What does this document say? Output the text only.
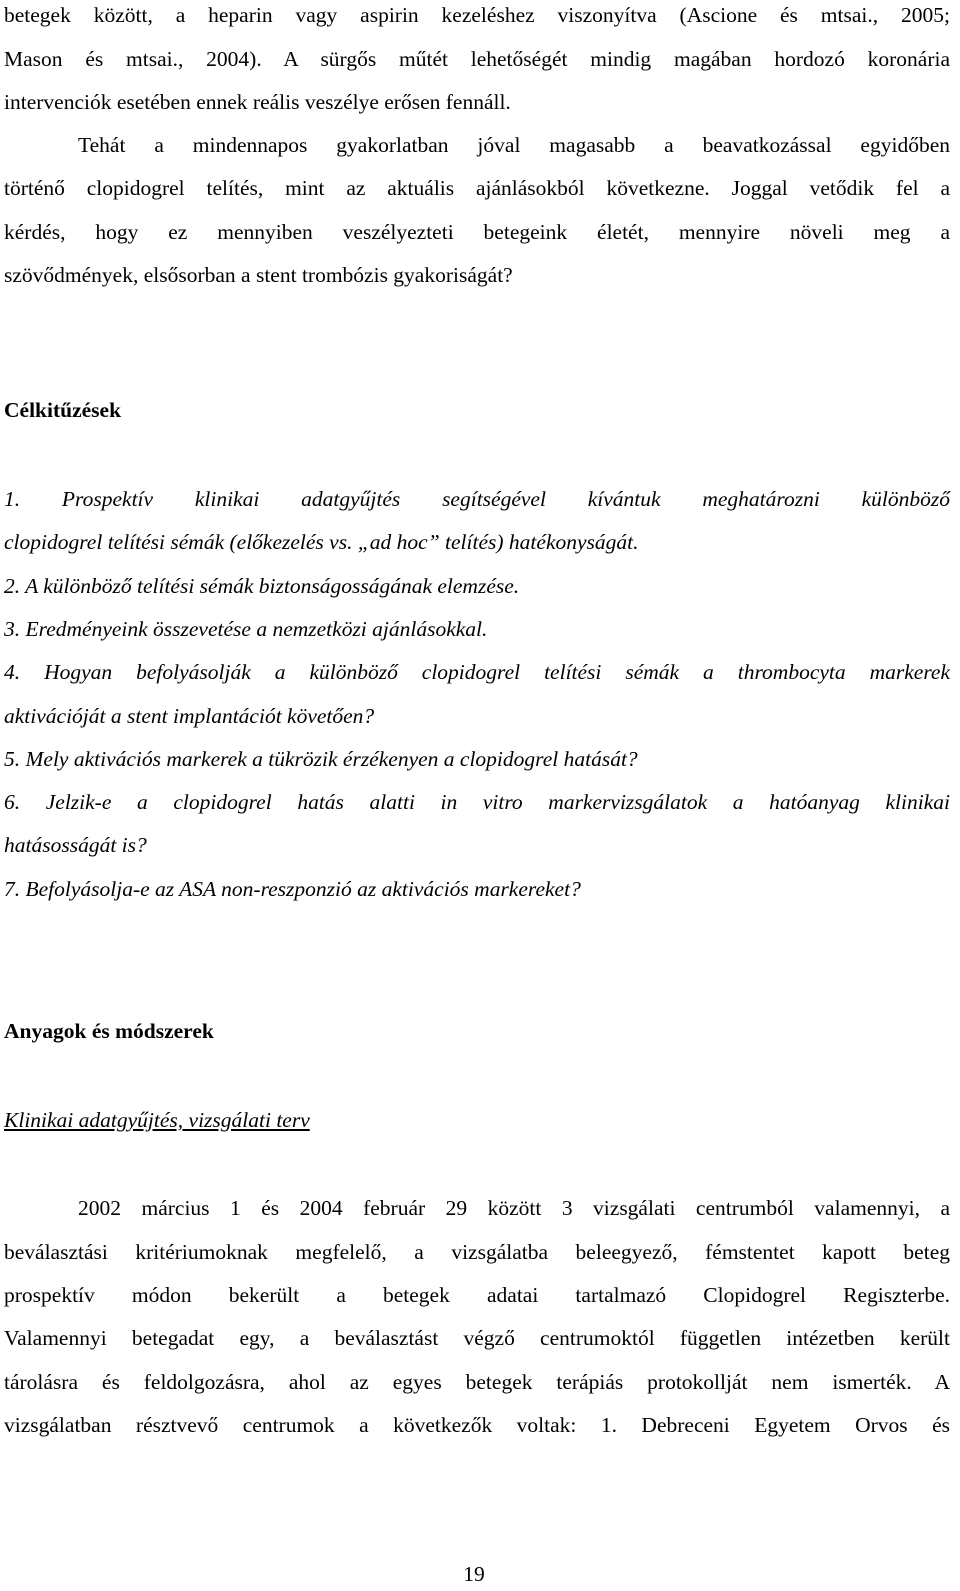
betegek között, a heparin vagy aspirin kezeléshez viszonyítva (Ascione és mtsai., 2005;
Mason és mtsai., 2004). A sürgős műtét lehetőségét mindig magában hordozó koronária
intervenciók esetében ennek reális veszélye erősen fennáll.
Tehát a mindennapos gyakorlatban jóval magasabb a beavatkozással egyidőben
történő clopidogrel telítés, mint az aktuális ajánlásokból következne. Joggal vetődik fel a
kérdés, hogy ez mennyiben veszélyezteti betegeink életét, mennyire növeli meg a
szövődmények, elsősorban a stent trombózis gyakoriságát?
Célkitűzések
1. Prospektív klinikai adatgyűjtés segítségével kívántuk meghatározni különböző
clopidogrel telítési sémák (előkezelés vs. „ad hoc” telítés) hatékonyságát.
2. A különböző telítési sémák biztonságosságának elemzése.
3. Eredményeink összevetése a nemzetközi ajánlásokkal.
4. Hogyan befolyásolják a különböző clopidogrel telítési sémák a thrombocyta markerek
aktivációját a stent implantációt követően?
5. Mely aktivációs markerek a tükrözik érzékenyen a clopidogrel hatását?
6. Jelzik-e a clopidogrel hatás alatti in vitro markervizsgálatok a hatóanyag klinikai
hatásosságát is?
7. Befolyásolja-e az ASA non-reszponzió az aktivációs markereket?
Anyagok és módszerek
Klinikai adatgyűjtés, vizsgálati terv
2002 március 1 és 2004 február 29 között 3 vizsgálati centrumból valamennyi, a
beválasztási kritériumoknak megfelelő, a vizsgálatba beleegyező, fémstentet kapott beteg
prospektív módon bekerült a betegek adatai tartalmazó Clopidogrel Regiszterbe.
Valamennyi betegadat egy, a beválasztást végző centrumoktól független intézetben került
tárolásra és feldolgozásra, ahol az egyes betegek terápiás protokollját nem ismerték. A
vizsgálatban résztvevő centrumok a következők voltak: 1. Debreceni Egyetem Orvos és
19
